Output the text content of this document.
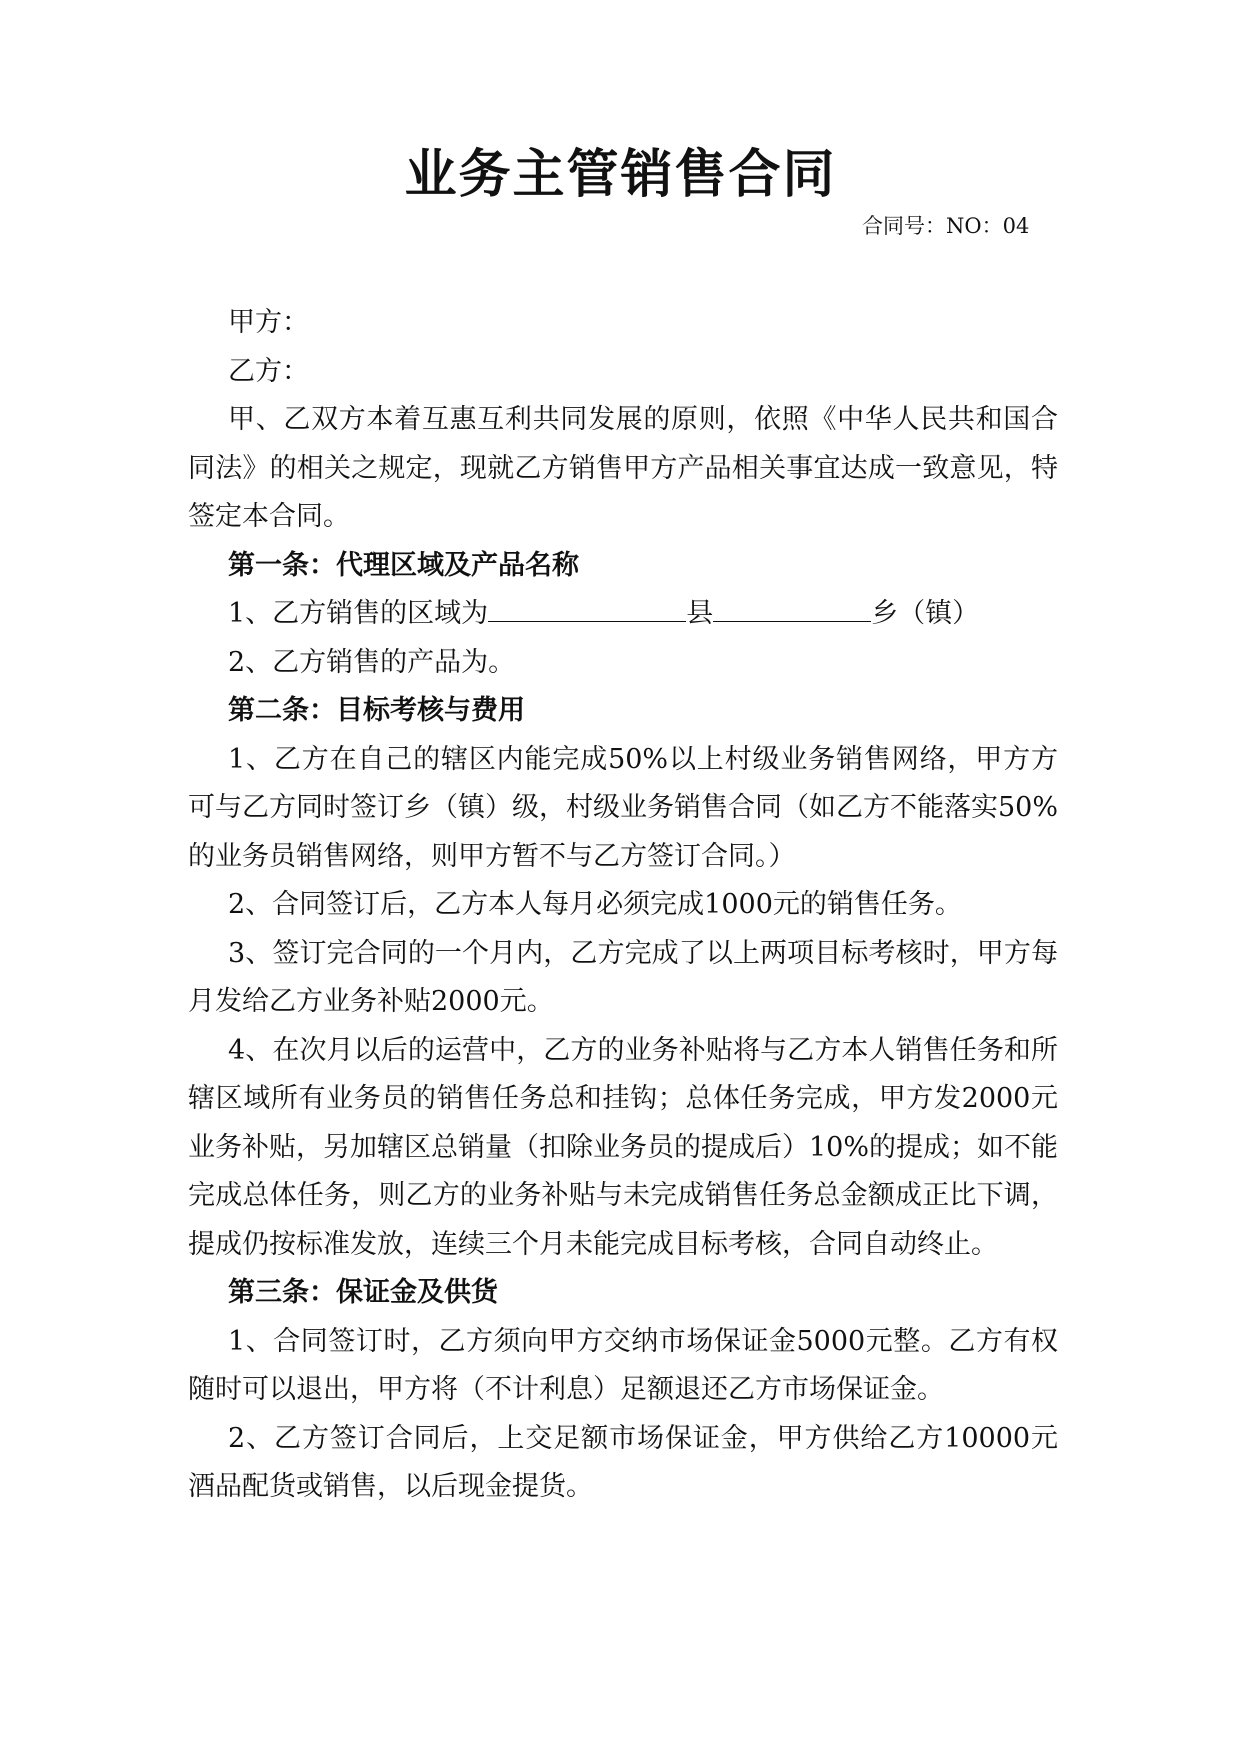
业务主管销售合同
合同号：NO：04

甲方：

乙方：

甲、乙双方本着互惠互利共同发展的原则，依照《中华人民共和国合同法》的相关之规定，现就乙方销售甲方产品相关事宜达成一致意见，特签定本合同。

第一条：代理区域及产品名称

1、乙方销售的区域为	县	乡（镇）

2、乙方销售的产品为。

第二条：目标考核与费用

1、乙方在自己的辖区内能完成50%以上村级业务销售网络，甲方方可与乙方同时签订乡（镇）级，村级业务销售合同（如乙方不能落实50%的业务员销售网络，则甲方暂不与乙方签订合同。）

2、合同签订后，乙方本人每月必须完成1000元的销售任务。

3、签订完合同的一个月内，乙方完成了以上两项目标考核时，甲方每月发给乙方业务补贴2000元。

4、在次月以后的运营中，乙方的业务补贴将与乙方本人销售任务和所辖区域所有业务员的销售任务总和挂钩；总体任务完成，甲方发2000元业务补贴，另加辖区总销量（扣除业务员的提成后）10%的提成；如不能完成总体任务，则乙方的业务补贴与未完成销售任务总金额成正比下调，提成仍按标准发放，连续三个月未能完成目标考核，合同自动终止。

第三条：保证金及供货

1、合同签订时，乙方须向甲方交纳市场保证金5000元整。乙方有权随时可以退出，甲方将（不计利息）足额退还乙方市场保证金。

2、乙方签订合同后，上交足额市场保证金，甲方供给乙方10000元酒品配货或销售，以后现金提货。
